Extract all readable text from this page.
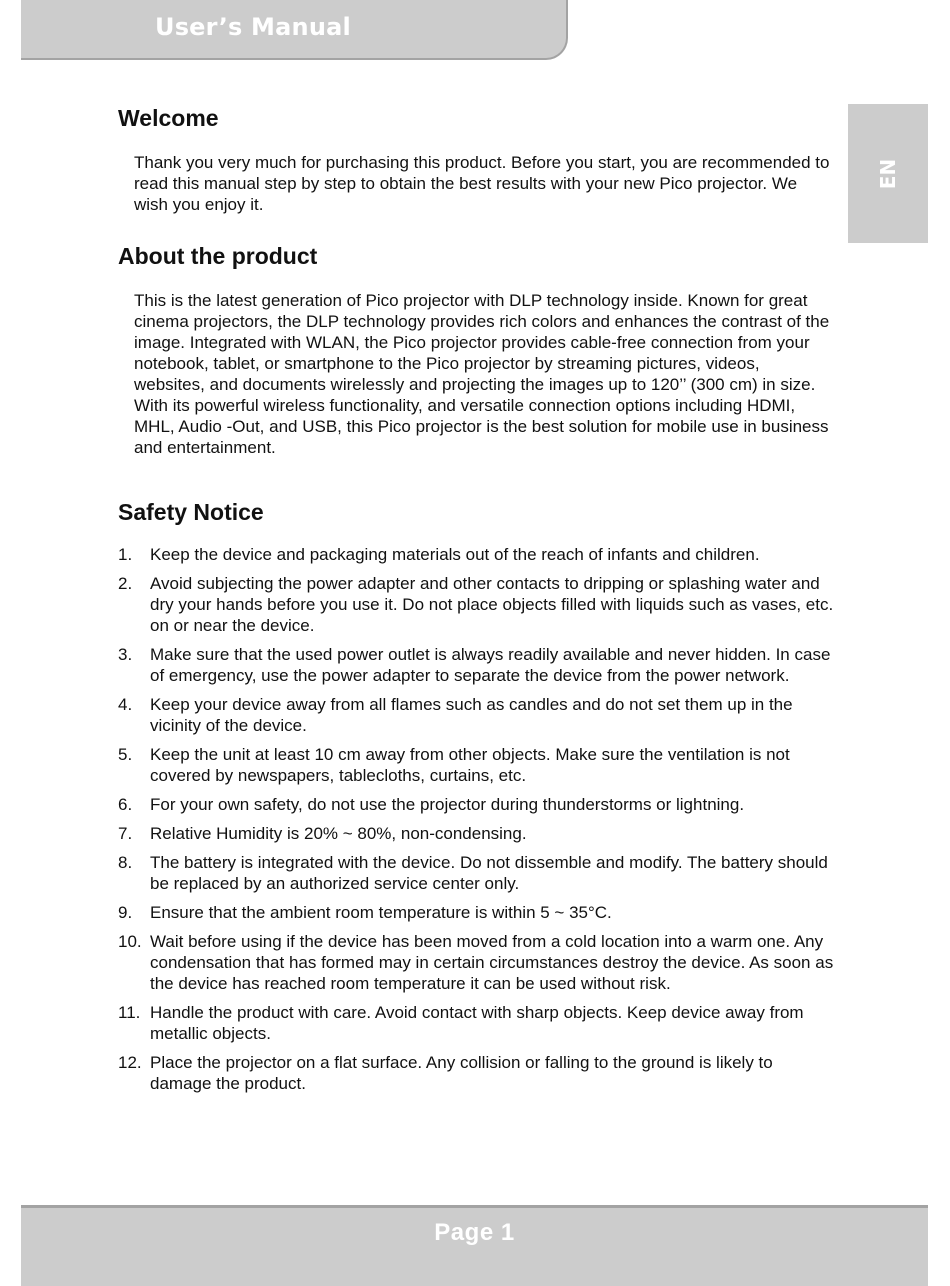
User’s Manual
EN
Welcome

Thank you very much for purchasing this product. Before you start, you are recommended to read this manual step by step to obtain the best results with your new Pico projector. We wish you enjoy it.

About the product

This is the latest generation of Pico projector with DLP technology inside. Known for great cinema projectors, the DLP technology provides rich colors and enhances the contrast of the image. Integrated with WLAN, the Pico projector provides cable-free connection from your notebook, tablet, or smartphone to the Pico projector by streaming pictures, videos, websites, and documents wirelessly and projecting the images up to 120’’ (300 cm) in size. With its powerful wireless functionality, and versatile connection options including HDMI, MHL, Audio -Out, and USB, this Pico projector is the best solution for mobile use in business and entertainment.

Safety Notice
1. Keep the device and packaging materials out of the reach of infants and children.
2. Avoid subjecting the power adapter and other contacts to dripping or splashing water and dry your hands before you use it. Do not place objects filled with liquids such as vases, etc. on or near the device.
3. Make sure that the used power outlet is always readily available and never hidden. In case of emergency, use the power adapter to separate the device from the power network.
4. Keep your device away from all flames such as candles and do not set them up in the vicinity of the device.
5. Keep the unit at least 10 cm away from other objects. Make sure the ventilation is not covered by newspapers, tablecloths, curtains, etc.
6. For your own safety, do not use the projector during thunderstorms or lightning.
7. Relative Humidity is 20% ~ 80%, non-condensing.
8. The battery is integrated with the device. Do not dissemble and modify. The battery should be replaced by an authorized service center only.
9. Ensure that the ambient room temperature is within 5 ~ 35°C.
10. Wait before using if the device has been moved from a cold location into a warm one. Any condensation that has formed may in certain circumstances destroy the device. As soon as the device has reached room temperature it can be used without risk.
11. Handle the product with care. Avoid contact with sharp objects. Keep device away from metallic objects.
12. Place the projector on a flat surface. Any collision or falling to the ground is likely to damage the product.
Page 1
